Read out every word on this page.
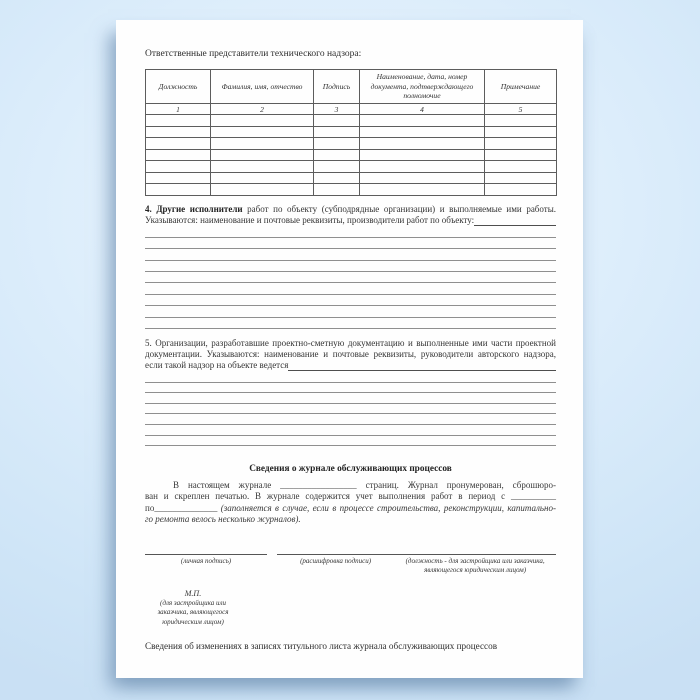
Ответственные представители технического надзора:
Должность	Фамилия, имя, отчество	Подпись	Наименование, дата, номер документа, подтверждающего полномочие	Примечание
1	2	3	4	5

4. Другие исполнители работ по объекту (субподрядные организации) и выполняемые ими работы.
Указываются: наименование и почтовые реквизиты, производители работ по объекту:
5. Организации, разработавшие проектно-сметную документацию и выполненные ими части проектной
документации. Указываются: наименование и почтовые реквизиты, руководители авторского надзора,
если такой надзор на объекте ведется
Сведения о журнале обслуживающих процессов
В настоящем журнале _________________ страниц. Журнал пронумерован, сброшюро-
ван и скреплен печатью. В журнале содержится учет выполнения работ в период с __________
по______________ (заполняется в случае, если в процессе строительства, реконструкции, капитально-
го ремонта велось несколько журналов).
(личная подпись)	(расшифровка подписи)	(должность - для застройщика или заказчика, являющегося юридическим лицом)
М.П.
(для застройщика или
заказчика, являющегося
юридическим лицом)
Сведения об изменениях в записях титульного листа журнала обслуживающих процессов
